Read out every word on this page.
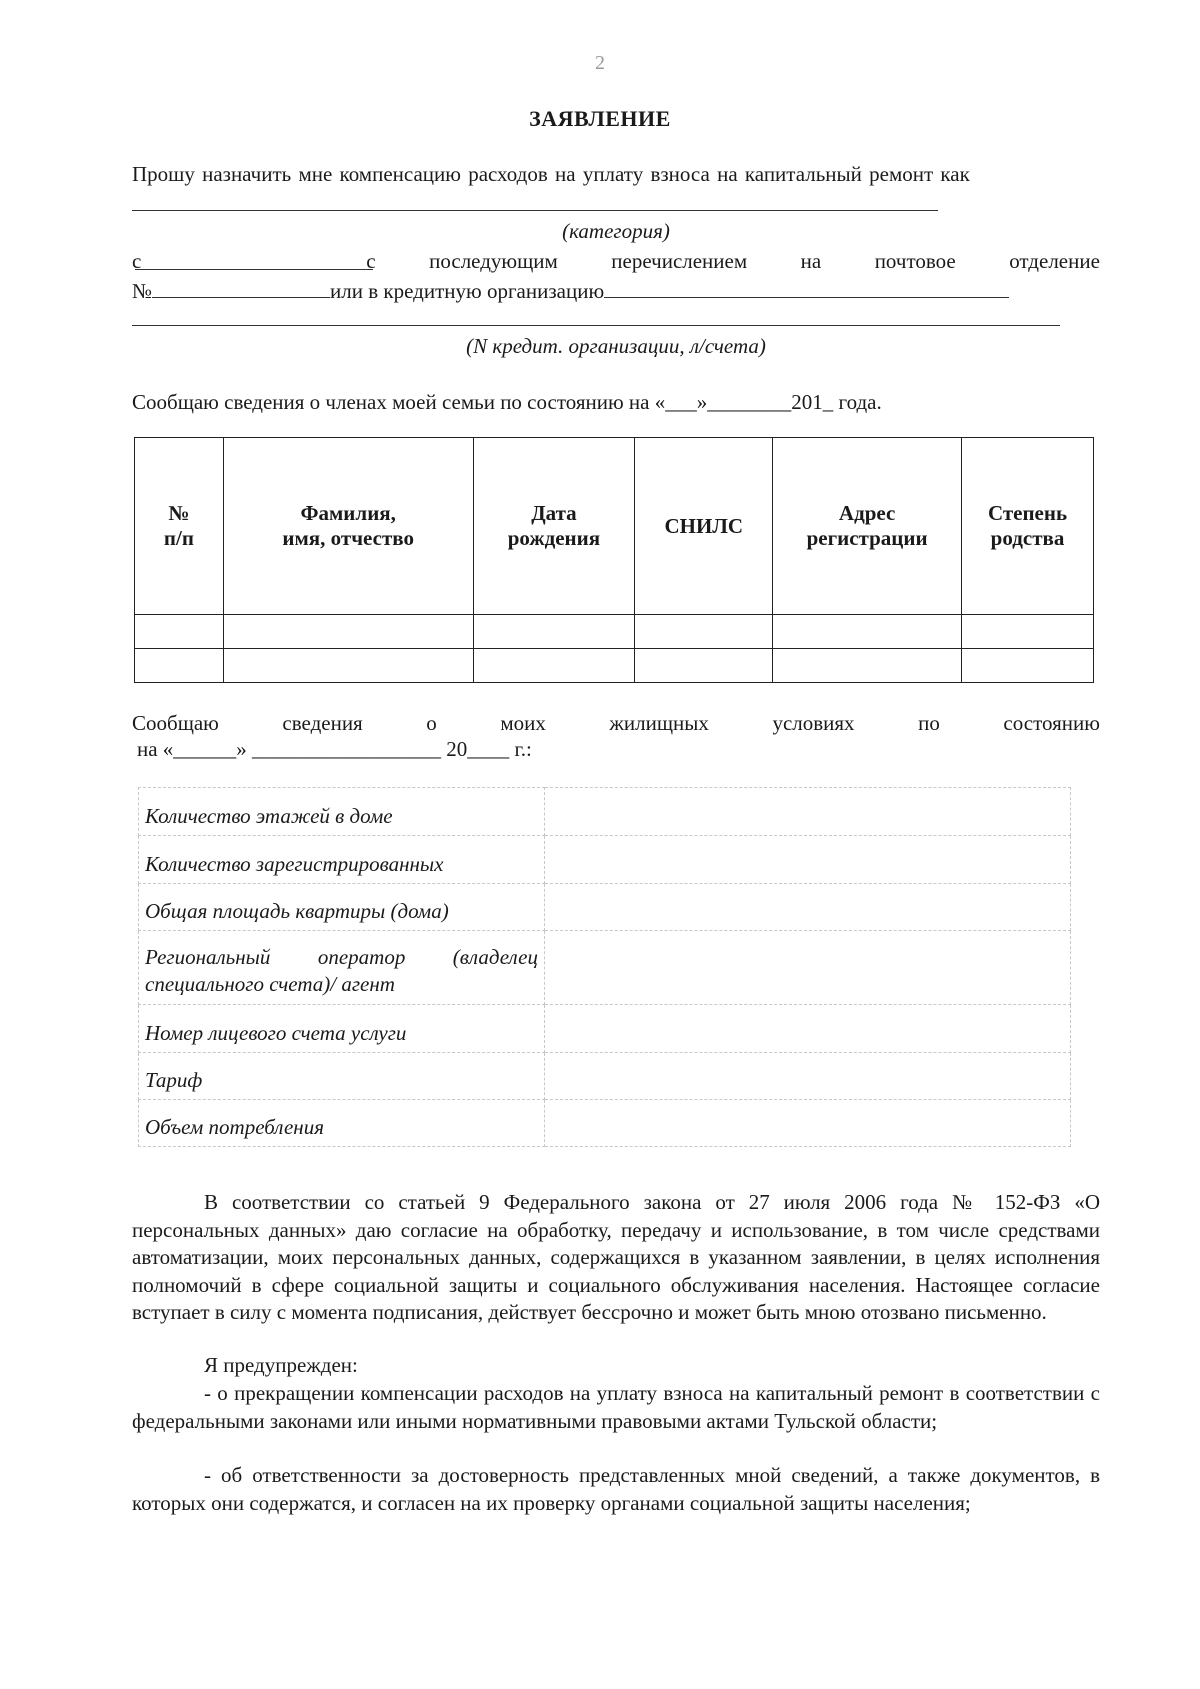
2
ЗАЯВЛЕНИЕ
Прошу назначить мне компенсацию расходов на уплату взноса на капитальный ремонт как
(категория)
с	с	последующим	перечислением	на	почтовое	отделение
№	или в кредитную организацию
(N кредит. организации, л/счета)
Сообщаю сведения о членах моей семьи по состоянию на «___»________201_ года.
№ п/п	Фамилия, имя, отчество	Дата рождения	СНИЛС	Адрес регистрации	Степень родства

Сообщаю	сведения	о	моих	жилищных	условиях	по	состоянию
на «______» __________________ 20____ г.:
Количество этажей в доме	
Количество зарегистрированных	
Общая площадь квартиры (дома)	
Региональный оператор (владелец специального счета)/ агент	
Номер лицевого счета услуги	
Тариф	
Объем потребления	
В соответствии со статьей 9 Федерального закона от 27 июля 2006 года № 152-ФЗ «О персональных данных» даю согласие на обработку, передачу и использование, в том числе средствами автоматизации, моих персональных данных, содержащихся в указанном заявлении, в целях исполнения полномочий в сфере социальной защиты и социального обслуживания населения. Настоящее согласие вступает в силу с момента подписания, действует бессрочно и может быть мною отозвано письменно.
Я предупрежден:
- о прекращении компенсации расходов на уплату взноса на капитальный ремонт в соответствии с федеральными законами или иными нормативными правовыми актами Тульской области;
- об ответственности за достоверность представленных мной сведений, а также документов, в которых они содержатся, и согласен на их проверку органами социальной защиты населения;
